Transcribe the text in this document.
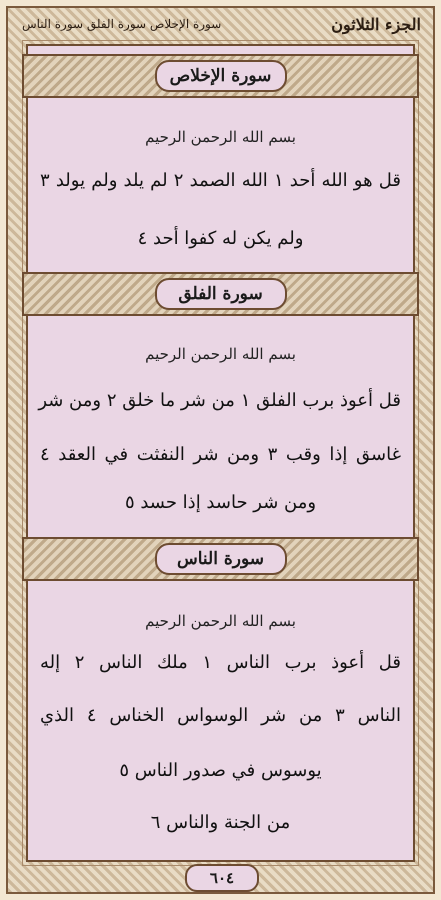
الجزء الثلاثون
سورة الإخلاص سورة الفلق سورة الناس
سورة الإخلاص
بسم الله الرحمن الرحيم
قل هو الله أحد ١ الله الصمد ٢ لم يلد ولم يولد ٣
ولم يكن له كفوا أحد ٤
سورة الفلق
بسم الله الرحمن الرحيم
قل أعوذ برب الفلق ١ من شر ما خلق ٢ ومن شر
غاسق إذا وقب ٣ ومن شر النفثت في العقد ٤
ومن شر حاسد إذا حسد ٥
سورة الناس
بسم الله الرحمن الرحيم
قل أعوذ برب الناس ١ ملك الناس ٢ إله
الناس ٣ من شر الوسواس الخناس ٤ الذي
يوسوس في صدور الناس ٥
من الجنة والناس ٦
٦٠٤
